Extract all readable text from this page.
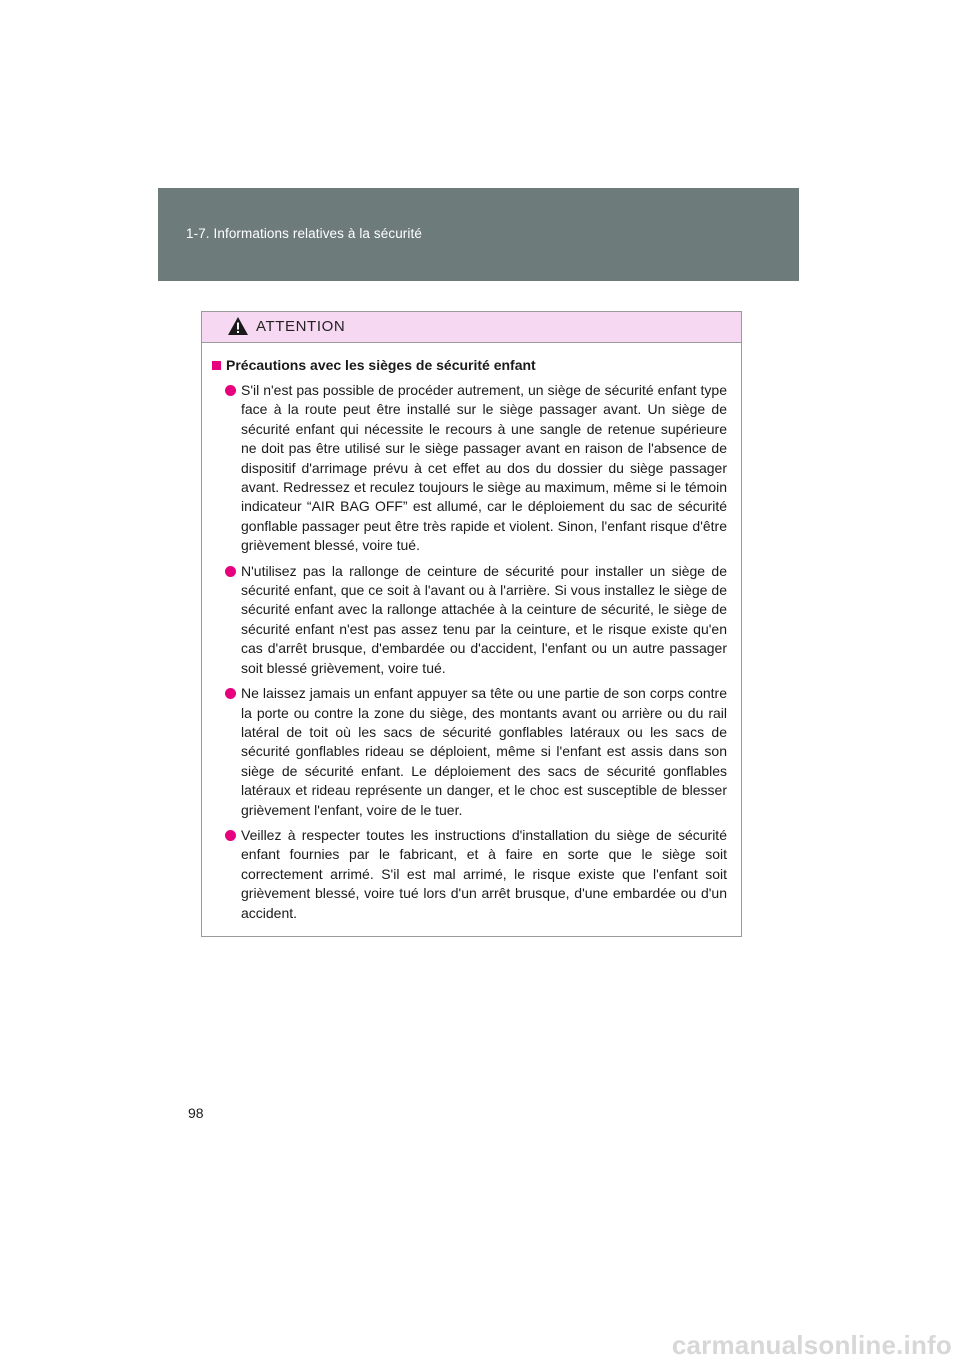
1-7. Informations relatives à la sécurité
ATTENTION
Précautions avec les sièges de sécurité enfant
S'il n'est pas possible de procéder autrement, un siège de sécurité enfant type face à la route peut être installé sur le siège passager avant. Un siège de sécurité enfant qui nécessite le recours à une sangle de retenue supérieure ne doit pas être utilisé sur le siège passager avant en raison de l'absence de dispositif d'arrimage prévu à cet effet au dos du dossier du siège passager avant. Redressez et reculez toujours le siège au maximum, même si le témoin indicateur “AIR BAG OFF” est allumé, car le déploiement du sac de sécurité gonflable passager peut être très rapide et violent. Sinon, l'enfant risque d'être grièvement blessé, voire tué.
N'utilisez pas la rallonge de ceinture de sécurité pour installer un siège de sécurité enfant, que ce soit à l'avant ou à l'arrière. Si vous installez le siège de sécurité enfant avec la rallonge attachée à la ceinture de sécurité, le siège de sécurité enfant n'est pas assez tenu par la ceinture, et le risque existe qu'en cas d'arrêt brusque, d'embardée ou d'accident, l'enfant ou un autre passager soit blessé grièvement, voire tué.
Ne laissez jamais un enfant appuyer sa tête ou une partie de son corps contre la porte ou contre la zone du siège, des montants avant ou arrière ou du rail latéral de toit où les sacs de sécurité gonflables latéraux ou les sacs de sécurité gonflables rideau se déploient, même si l'enfant est assis dans son siège de sécurité enfant. Le déploiement des sacs de sécurité gonflables latéraux et rideau représente un danger, et le choc est susceptible de blesser grièvement l'enfant, voire de le tuer.
Veillez à respecter toutes les instructions d'installation du siège de sécurité enfant fournies par le fabricant, et à faire en sorte que le siège soit correctement arrimé. S'il est mal arrimé, le risque existe que l'enfant soit grièvement blessé, voire tué lors d'un arrêt brusque, d'une embardée ou d'un accident.
98
carmanualsonline.info
